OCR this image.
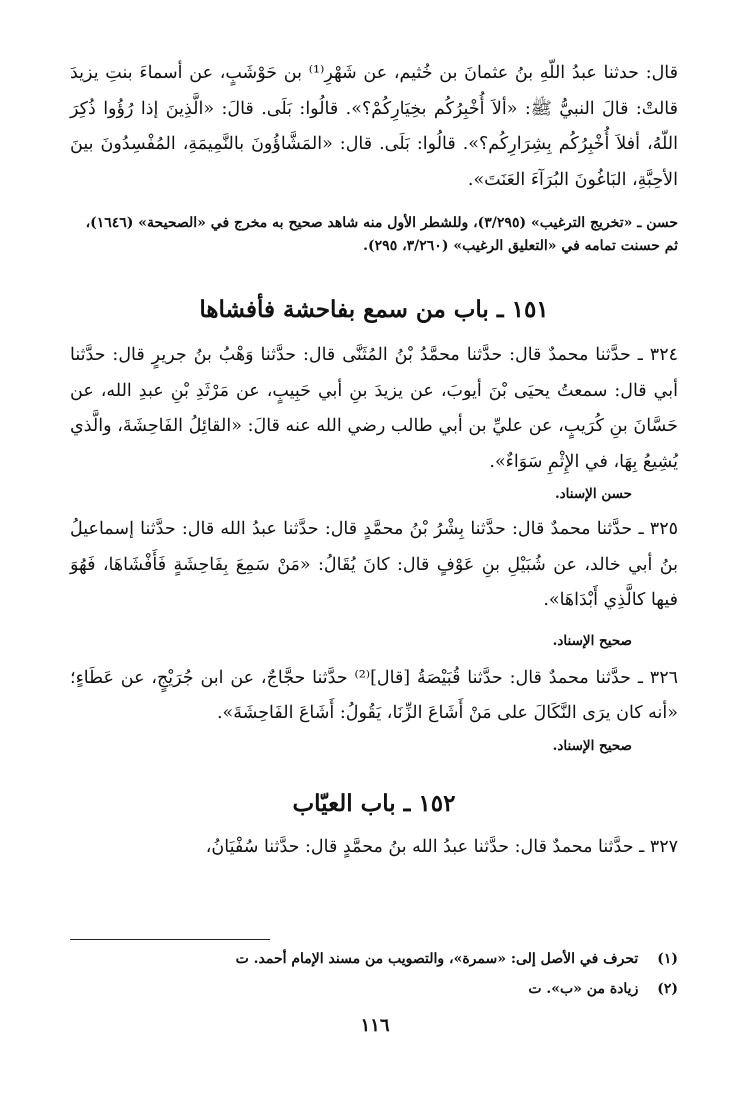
قال: حدثنا عبدُ اللّهِ بنُ عثمانَ بن خُثيم، عن شَهْرِ⁽¹⁾ بن حَوْشَبٍ، عن أسماءَ بنتِ يزيدَ قالتْ: قالَ النبيُّ ﷺ: «ألاَ أُخْبِرُكُم بخِيَارِكُمْ؟». قالُوا: بَلَى. قالَ: «الَّذِينَ إذا رُؤُوا ذُكِرَ اللّهُ، أفلاَ أُخْبِرُكُم بِشِرَارِكُم؟». قالُوا: بَلَى. قال: «المَشَّاؤُونَ بالنَّمِيمَةِ، المُفْسِدُونَ بينَ الأحِبَّةِ، البَاغُونَ البُرَآءَ العَنَتَ».

حسن ـ «تخريج الترغيب» (٣/٢٩٥)، وللشطر الأول منه شاهد صحيح به مخرج في «الصحيحة» (١٦٤٦)، ثم حسنت تمامه في «التعليق الرغيب» (٣/٢٦٠، ٢٩٥).

١٥١ ـ باب من سمع بفاحشة فأفشاها

٣٢٤ ـ حدَّثنا محمدٌ قال: حدَّثنا محمَّدُ بْنُ المُثَنَّى قال: حدَّثنا وَهْبُ بنُ جريرٍ قال: حدَّثنا أبي قال: سمعتُ يحيَى بْنَ أيوبَ، عن يزيدَ بنِ أبي حَبِيبٍ، عن مَرْثَدِ بْنِ عبدِ الله، عن حَسَّانَ بنِ كُرَيبٍ، عن عليِّ بن أبي طالب رضي الله عنه قالَ: «القائِلُ الفَاحِشَةَ، والَّذي يُشِيعُ بِهَا، في الإِثْمِ سَوَاءٌ».

حسن الإسناد.

٣٢٥ ـ حدَّثنا محمدٌ قال: حدَّثنا بِشْرُ بْنُ محمَّدٍ قال: حدَّثنا عبدُ الله قال: حدَّثنا إسماعيلُ بنُ أبي خالد، عن شُبَيْلِ بنِ عَوْفٍ قال: كانَ يُقَالُ: «مَنْ سَمِعَ بِفَاحِشَةٍ فَأَفْشَاهَا، فَهُوَ فيها كالَّذِي أَبْدَاهَا».

صحيح الإسناد.

٣٢٦ ـ حدَّثنا محمدٌ قال: حدَّثنا قُبَيْصَةُ [قال]⁽²⁾ حدَّثنا حجَّاجٌ، عن ابن جُرَيْجٍ، عن عَطَاءٍ؛ «أنه كان يرَى النَّكَالَ على مَنْ أَشَاعَ الزِّنَا، يَقُولُ: أَشَاعَ الفَاحِشَةَ».

صحيح الإسناد.

١٥٢ ـ باب العيّاب

٣٢٧ ـ حدَّثنا محمدٌ قال: حدَّثنا عبدُ الله بنُ محمَّدٍ قال: حدَّثنا سُفْيَانُ،

(١) تحرف في الأصل إلى: «سمرة»، والتصويب من مسند الإمام أحمد. ت

(٢) زيادة من «ب». ت

١١٦
